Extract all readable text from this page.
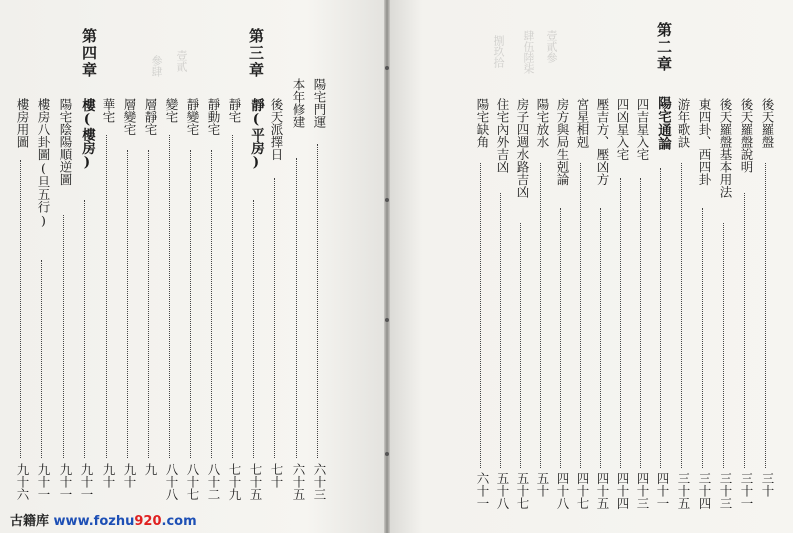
壹貳參
肆伍陸柒
捌玖拾
壹貳
參肆
第四章
樓房用圖
九十六
樓房八卦圖(旦五行)
九十一
陽宅陰陽順逆圖
九十一
樓(樓房)
九十一
華宅
九十
層變宅
九十
層靜宅
九
變宅
八十八
靜變宅
八十七
靜動宅
八十二
靜宅
七十九
靜(平房)
七十五
第三章
後天派擇日
七十
本年修建
六十五
陽宅門運
六十三
陽宅缺角
六十一
住宅內外吉凶
五十八
房子四週水路吉凶
五十七
陽宅放水
五十
房方與局生剋論
四十八
宮星相剋
四十七
壓吉方、壓凶方
四十五
四凶星入宅
四十四
四吉星入宅
四十三
陽宅通論
四十一
第二章
游年歌訣
三十五
東四卦、西四卦
三十四
後天羅盤基本用法
三十三
後天羅盤說明
三十一
後天羅盤
三十
古籍库 www.fozhu920.com
